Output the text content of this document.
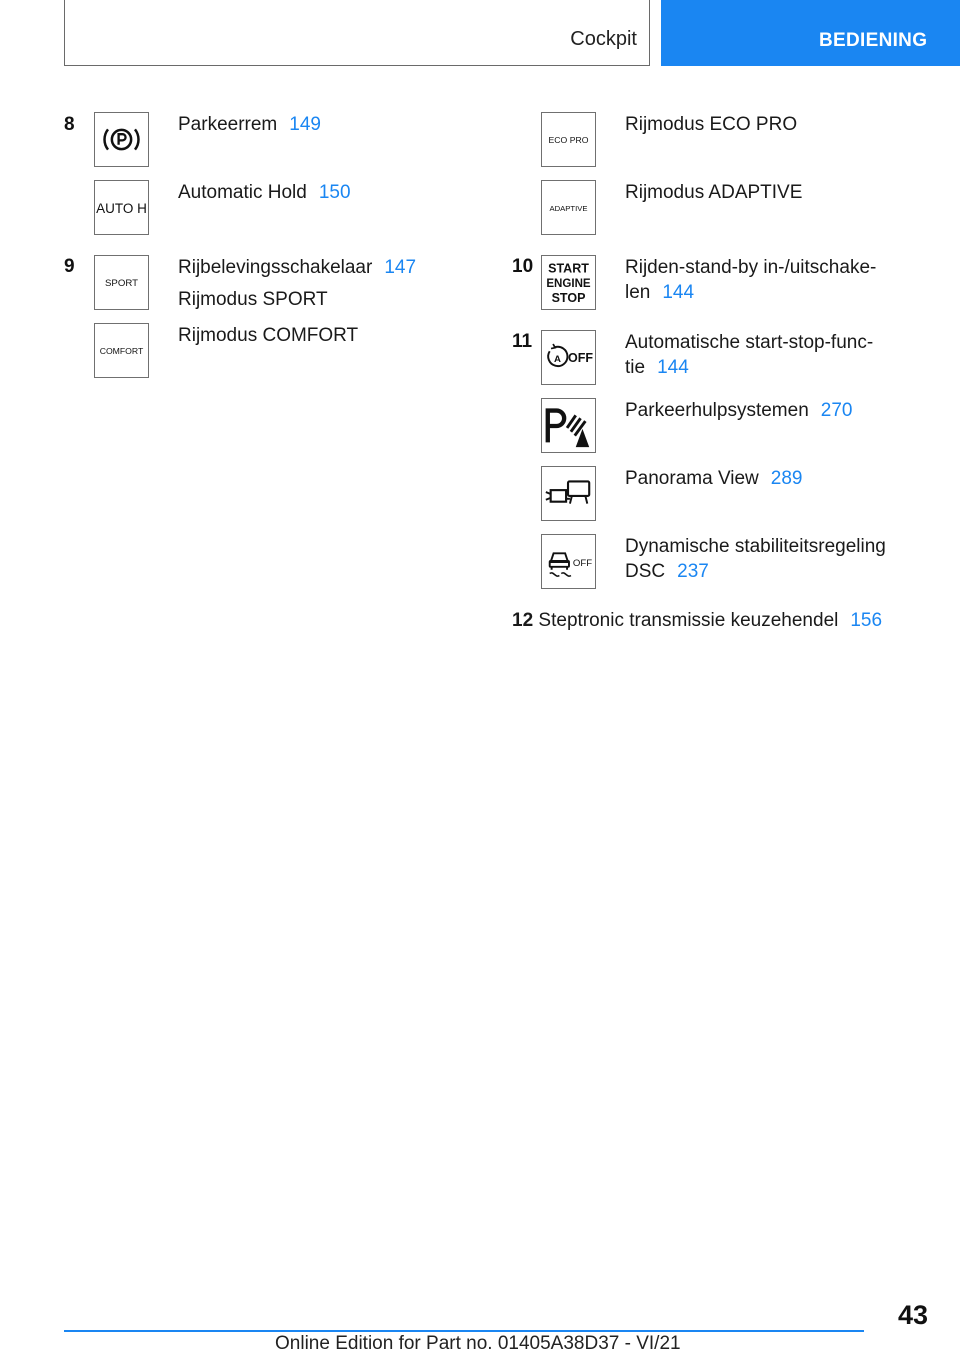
Cockpit	BEDIENING
8	Parkeerrem 149
AUTO H
Automatic Hold 150
9
SPORT
Rijbelevingsschakelaar 147
Rijmodus SPORT
COMFORT
Rijmodus COMFORT
ECO PRO
Rijmodus ECO PRO
ADAPTIVE
Rijmodus ADAPTIVE
10 START
ENGINE
STOP
Rijden-stand-by in-/uitschake-
len 144
11
A OFF
Automatische start-stop-func-
tie 144
Parkeerhulpsystemen 270
Panorama View 289
OFF
Dynamische stabiliteitsregeling
DSC 237
12 Steptronic transmissie keuzehendel 156
43
Online Edition for Part no. 01405A38D37 - VI/21
